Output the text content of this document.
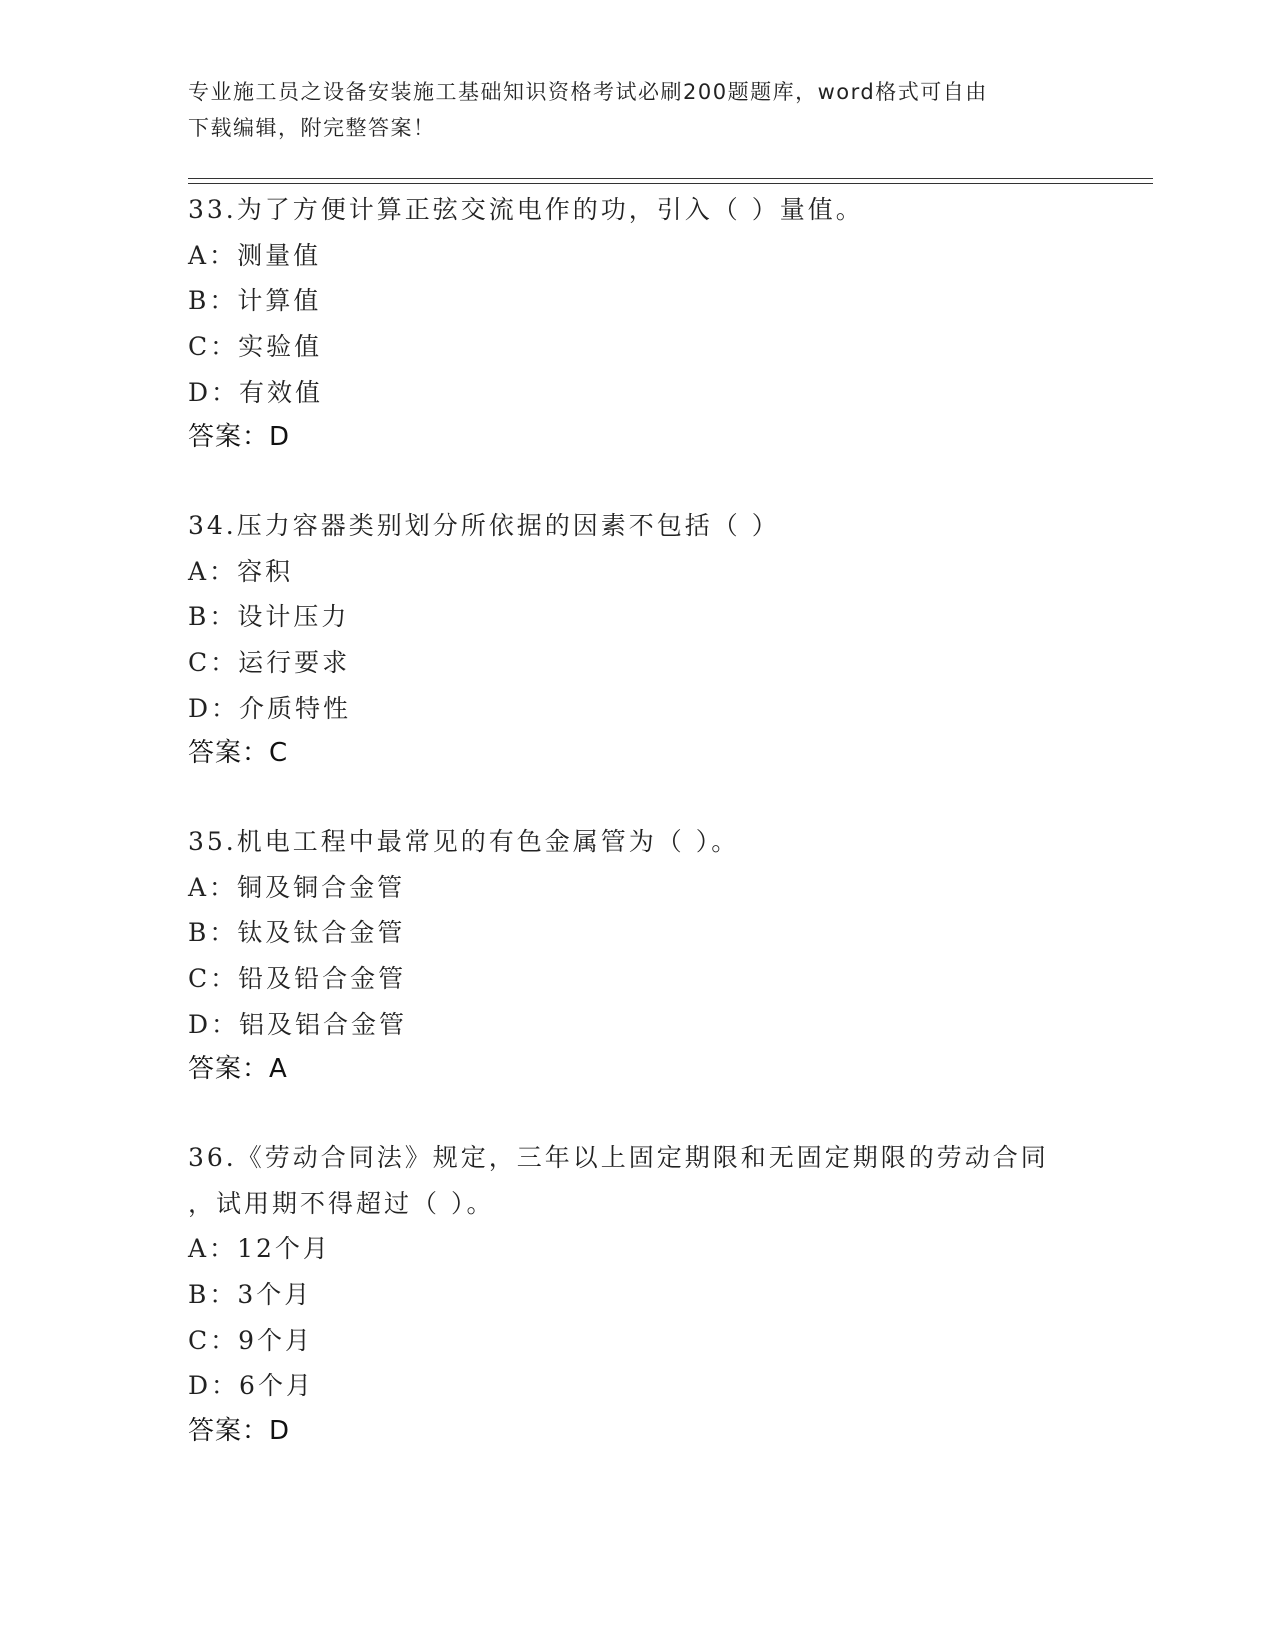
专业施工员之设备安装施工基础知识资格考试必刷200题题库，word格式可自由
下载编辑，附完整答案！
33.为了方便计算正弦交流电作的功，引入（ ）量值。
A：测量值
B：计算值
C：实验值
D：有效值
答案：D
34.压力容器类别划分所依据的因素不包括（ ）
A：容积
B：设计压力
C：运行要求
D：介质特性
答案：C
35.机电工程中最常见的有色金属管为（ ）。
A：铜及铜合金管
B：钛及钛合金管
C：铅及铅合金管
D：铝及铝合金管
答案：A
36.《劳动合同法》规定，三年以上固定期限和无固定期限的劳动合同
，试用期不得超过（ ）。
A：12个月
B：3个月
C：9个月
D：6个月
答案：D
